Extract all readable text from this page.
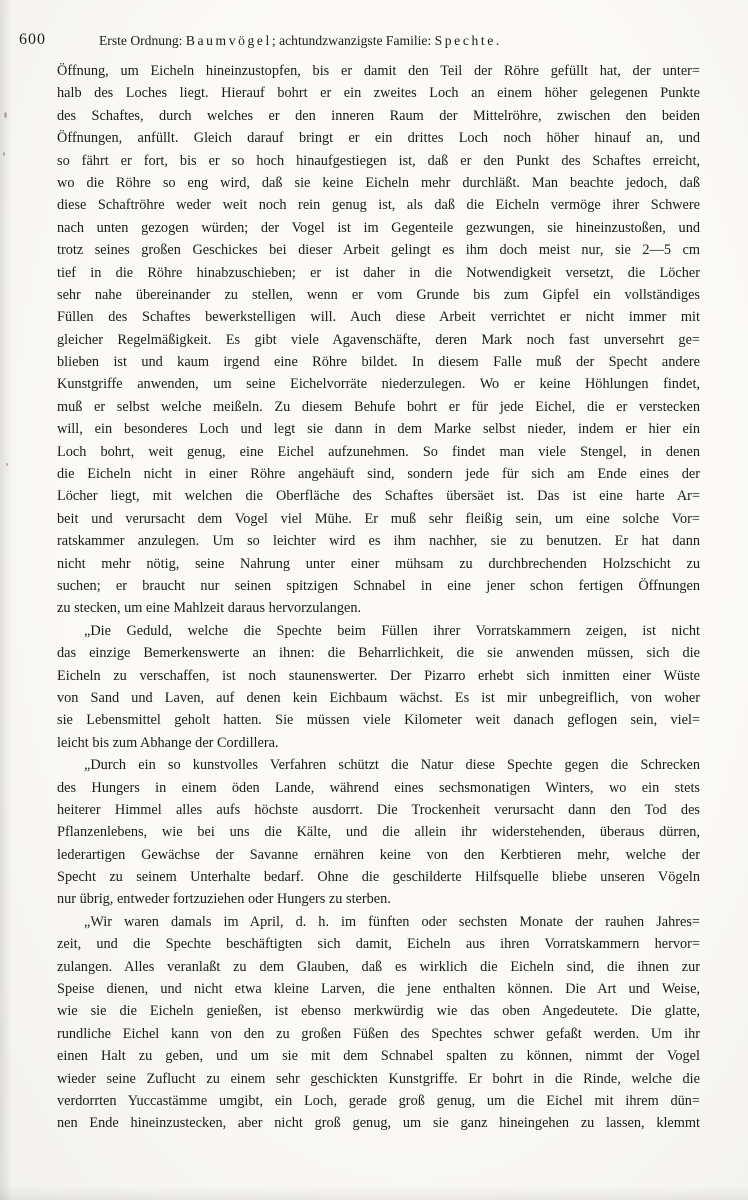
600	Erste Ordnung: Baumvögel; achtundzwanzigste Familie: Spechte.
Öffnung, um Eicheln hineinzustopfen, bis er damit den Teil der Röhre gefüllt hat, der unter=
halb des Loches liegt. Hierauf bohrt er ein zweites Loch an einem höher gelegenen Punkte
des Schaftes, durch welches er den inneren Raum der Mittelröhre, zwischen den beiden
Öffnungen, anfüllt. Gleich darauf bringt er ein drittes Loch noch höher hinauf an, und
so fährt er fort, bis er so hoch hinaufgestiegen ist, daß er den Punkt des Schaftes erreicht,
wo die Röhre so eng wird, daß sie keine Eicheln mehr durchläßt. Man beachte jedoch, daß
diese Schaftröhre weder weit noch rein genug ist, als daß die Eicheln vermöge ihrer Schwere
nach unten gezogen würden; der Vogel ist im Gegenteile gezwungen, sie hineinzustoßen, und
trotz seines großen Geschickes bei dieser Arbeit gelingt es ihm doch meist nur, sie 2—5 cm
tief in die Röhre hinabzuschieben; er ist daher in die Notwendigkeit versetzt, die Löcher
sehr nahe übereinander zu stellen, wenn er vom Grunde bis zum Gipfel ein vollständiges
Füllen des Schaftes bewerkstelligen will. Auch diese Arbeit verrichtet er nicht immer mit
gleicher Regelmäßigkeit. Es gibt viele Agavenschäfte, deren Mark noch fast unversehrt ge=
blieben ist und kaum irgend eine Röhre bildet. In diesem Falle muß der Specht andere
Kunstgriffe anwenden, um seine Eichelvorräte niederzulegen. Wo er keine Höhlungen findet,
muß er selbst welche meißeln. Zu diesem Behufe bohrt er für jede Eichel, die er verstecken
will, ein besonderes Loch und legt sie dann in dem Marke selbst nieder, indem er hier ein
Loch bohrt, weit genug, eine Eichel aufzunehmen. So findet man viele Stengel, in denen
die Eicheln nicht in einer Röhre angehäuft sind, sondern jede für sich am Ende eines der
Löcher liegt, mit welchen die Oberfläche des Schaftes übersäet ist. Das ist eine harte Ar=
beit und verursacht dem Vogel viel Mühe. Er muß sehr fleißig sein, um eine solche Vor=
ratskammer anzulegen. Um so leichter wird es ihm nachher, sie zu benutzen. Er hat dann
nicht mehr nötig, seine Nahrung unter einer mühsam zu durchbrechenden Holzschicht zu
suchen; er braucht nur seinen spitzigen Schnabel in eine jener schon fertigen Öffnungen
zu stecken, um eine Mahlzeit daraus hervorzulangen.
„Die Geduld, welche die Spechte beim Füllen ihrer Vorratskammern zeigen, ist nicht
das einzige Bemerkenswerte an ihnen: die Beharrlichkeit, die sie anwenden müssen, sich die
Eicheln zu verschaffen, ist noch staunenswerter. Der Pizarro erhebt sich inmitten einer Wüste
von Sand und Laven, auf denen kein Eichbaum wächst. Es ist mir unbegreiflich, von woher
sie Lebensmittel geholt hatten. Sie müssen viele Kilometer weit danach geflogen sein, viel=
leicht bis zum Abhange der Cordillera.
„Durch ein so kunstvolles Verfahren schützt die Natur diese Spechte gegen die Schrecken
des Hungers in einem öden Lande, während eines sechsmonatigen Winters, wo ein stets
heiterer Himmel alles aufs höchste ausdorrt. Die Trockenheit verursacht dann den Tod des
Pflanzenlebens, wie bei uns die Kälte, und die allein ihr widerstehenden, überaus dürren,
lederartigen Gewächse der Savanne ernähren keine von den Kerbtieren mehr, welche der
Specht zu seinem Unterhalte bedarf. Ohne die geschilderte Hilfsquelle bliebe unseren Vögeln
nur übrig, entweder fortzuziehen oder Hungers zu sterben.
„Wir waren damals im April, d. h. im fünften oder sechsten Monate der rauhen Jahres=
zeit, und die Spechte beschäftigten sich damit, Eicheln aus ihren Vorratskammern hervor=
zulangen. Alles veranlaßt zu dem Glauben, daß es wirklich die Eicheln sind, die ihnen zur
Speise dienen, und nicht etwa kleine Larven, die jene enthalten können. Die Art und Weise,
wie sie die Eicheln genießen, ist ebenso merkwürdig wie das oben Angedeutete. Die glatte,
rundliche Eichel kann von den zu großen Füßen des Spechtes schwer gefaßt werden. Um ihr
einen Halt zu geben, und um sie mit dem Schnabel spalten zu können, nimmt der Vogel
wieder seine Zuflucht zu einem sehr geschickten Kunstgriffe. Er bohrt in die Rinde, welche die
verdorrten Yuccastämme umgibt, ein Loch, gerade groß genug, um die Eichel mit ihrem dün=
nen Ende hineinzustecken, aber nicht groß genug, um sie ganz hineingehen zu lassen, klemmt
